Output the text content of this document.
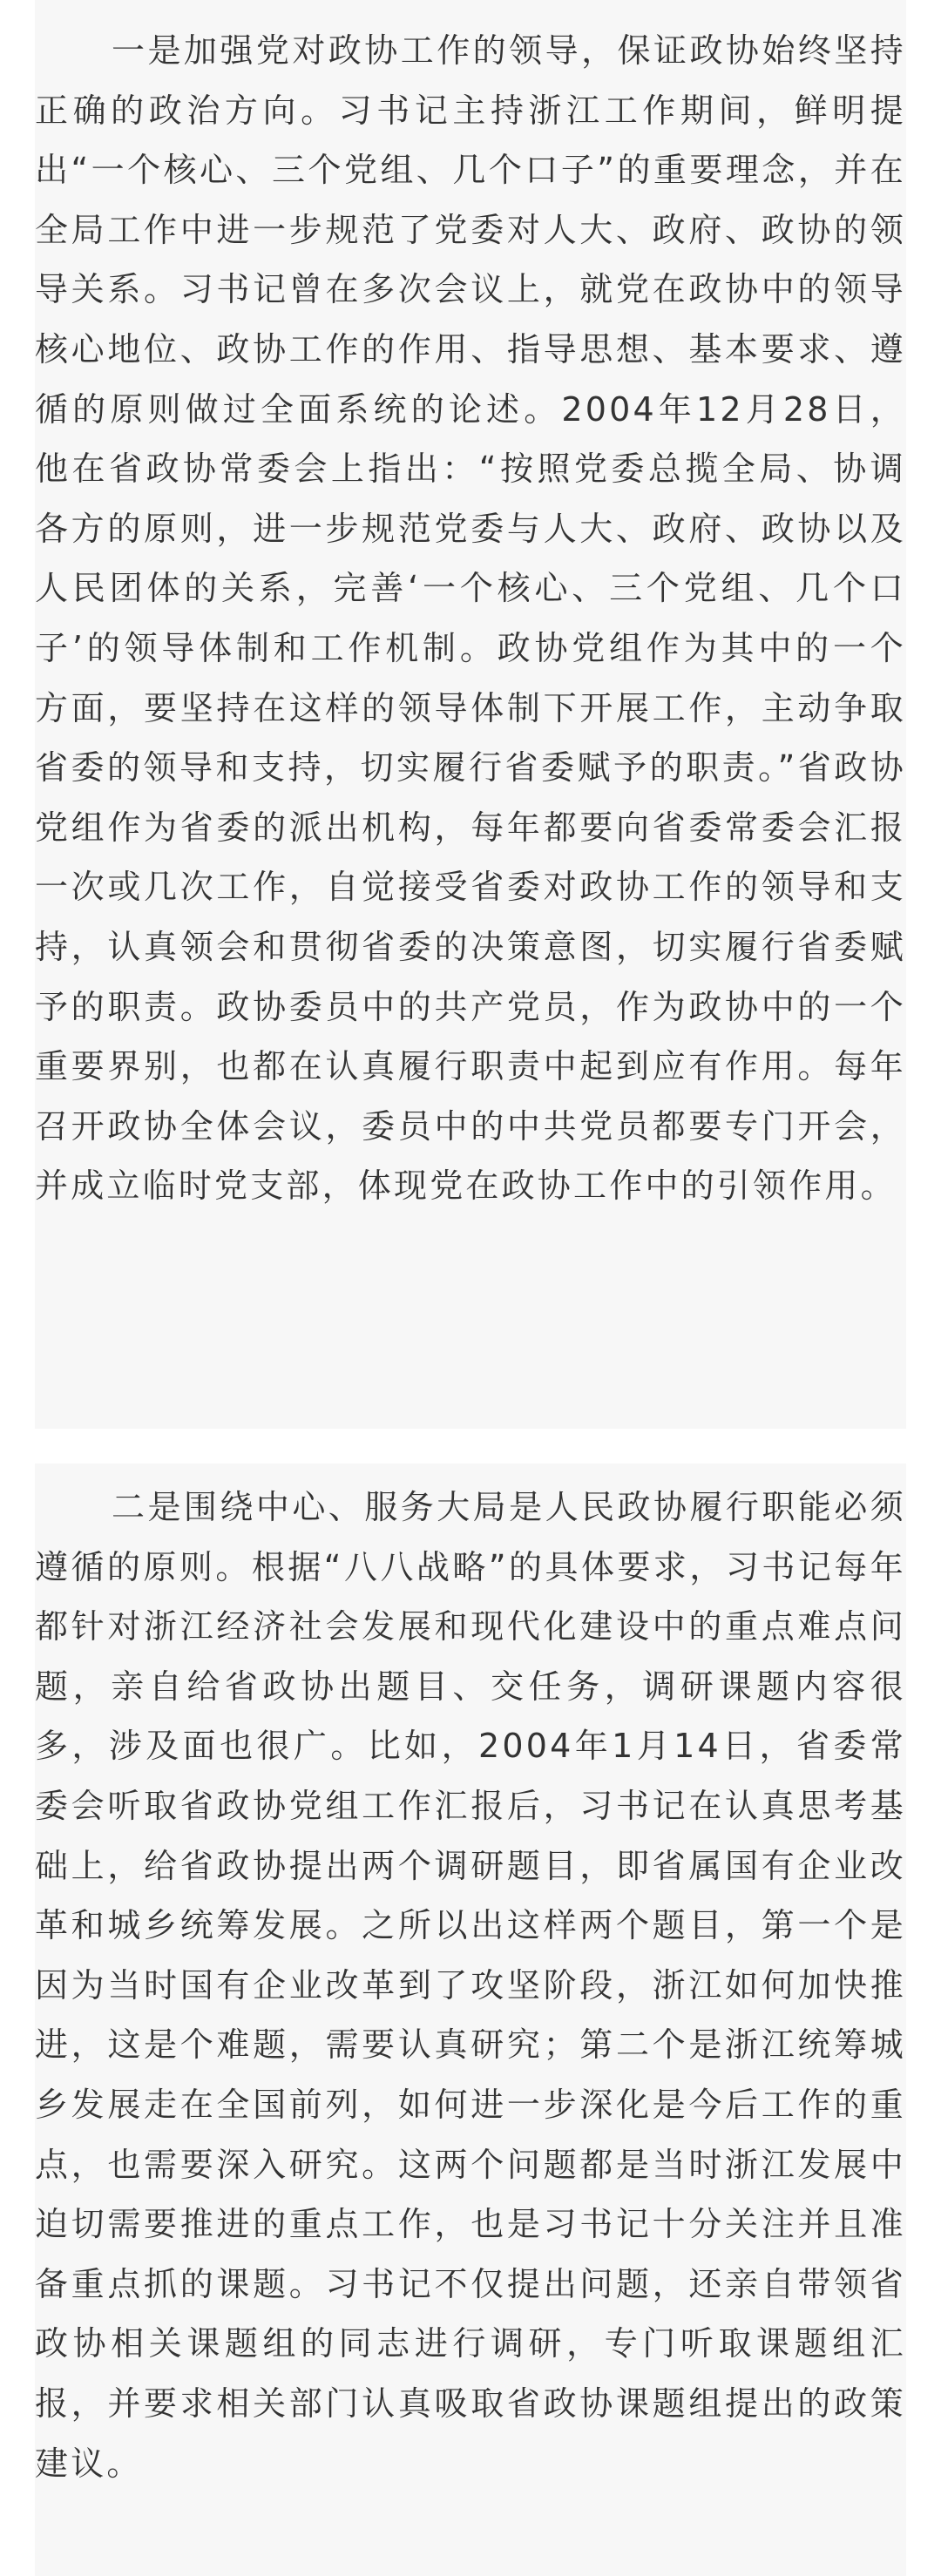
一是加强党对政协工作的领导，保证政协始终坚持正确的政治方向。习书记主持浙江工作期间，鲜明提出“一个核心、三个党组、几个口子”的重要理念，并在全局工作中进一步规范了党委对人大、政府、政协的领导关系。习书记曾在多次会议上，就党在政协中的领导核心地位、政协工作的作用、指导思想、基本要求、遵循的原则做过全面系统的论述。2004年12月28日，他在省政协常委会上指出：“按照党委总揽全局、协调各方的原则，进一步规范党委与人大、政府、政协以及人民团体的关系，完善‘一个核心、三个党组、几个口子’的领导体制和工作机制。政协党组作为其中的一个方面，要坚持在这样的领导体制下开展工作，主动争取省委的领导和支持，切实履行省委赋予的职责。”省政协党组作为省委的派出机构，每年都要向省委常委会汇报一次或几次工作，自觉接受省委对政协工作的领导和支持，认真领会和贯彻省委的决策意图，切实履行省委赋予的职责。政协委员中的共产党员，作为政协中的一个重要界别，也都在认真履行职责中起到应有作用。每年召开政协全体会议，委员中的中共党员都要专门开会，并成立临时党支部，体现党在政协工作中的引领作用。

二是围绕中心、服务大局是人民政协履行职能必须遵循的原则。根据“八八战略”的具体要求，习书记每年都针对浙江经济社会发展和现代化建设中的重点难点问题，亲自给省政协出题目、交任务，调研课题内容很多，涉及面也很广。比如，2004年1月14日，省委常委会听取省政协党组工作汇报后，习书记在认真思考基础上，给省政协提出两个调研题目，即省属国有企业改革和城乡统筹发展。之所以出这样两个题目，第一个是因为当时国有企业改革到了攻坚阶段，浙江如何加快推进，这是个难题，需要认真研究；第二个是浙江统筹城乡发展走在全国前列，如何进一步深化是今后工作的重点，也需要深入研究。这两个问题都是当时浙江发展中迫切需要推进的重点工作，也是习书记十分关注并且准备重点抓的课题。习书记不仅提出问题，还亲自带领省政协相关课题组的同志进行调研，专门听取课题组汇报，并要求相关部门认真吸取省政协课题组提出的政策建议。
